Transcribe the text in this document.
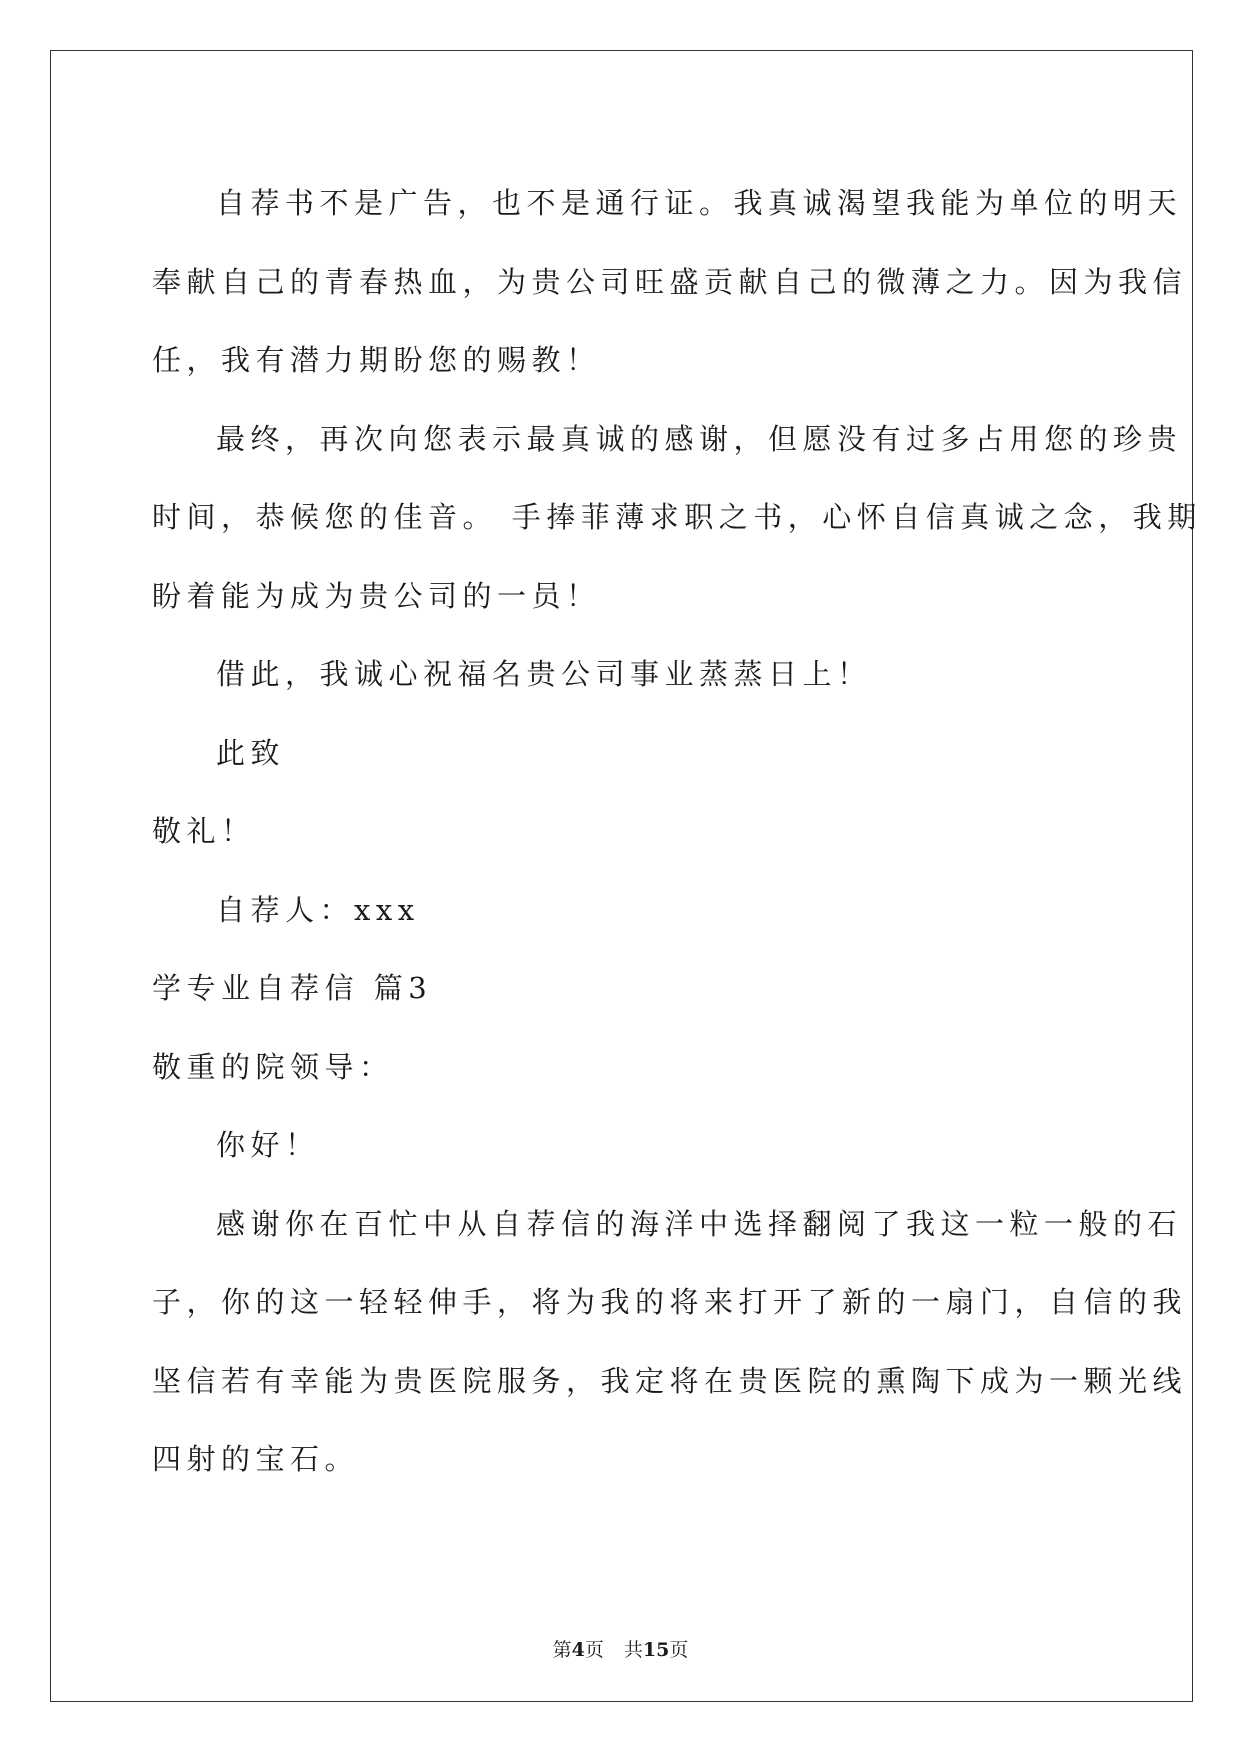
自荐书不是广告，也不是通行证。我真诚渴望我能为单位的明天
奉献自己的青春热血，为贵公司旺盛贡献自己的微薄之力。因为我信
任，我有潜力期盼您的赐教！
最终，再次向您表示最真诚的感谢，但愿没有过多占用您的珍贵
时间，恭候您的佳音。 手捧菲薄求职之书，心怀自信真诚之念，我期
盼着能为成为贵公司的一员！
借此，我诚心祝福名贵公司事业蒸蒸日上！
此致
敬礼！
自荐人：xxx
学专业自荐信 篇3
敬重的院领导：
你好！
感谢你在百忙中从自荐信的海洋中选择翻阅了我这一粒一般的石
子，你的这一轻轻伸手，将为我的将来打开了新的一扇门，自信的我
坚信若有幸能为贵医院服务，我定将在贵医院的熏陶下成为一颗光线
四射的宝石。
第4页 共15页
